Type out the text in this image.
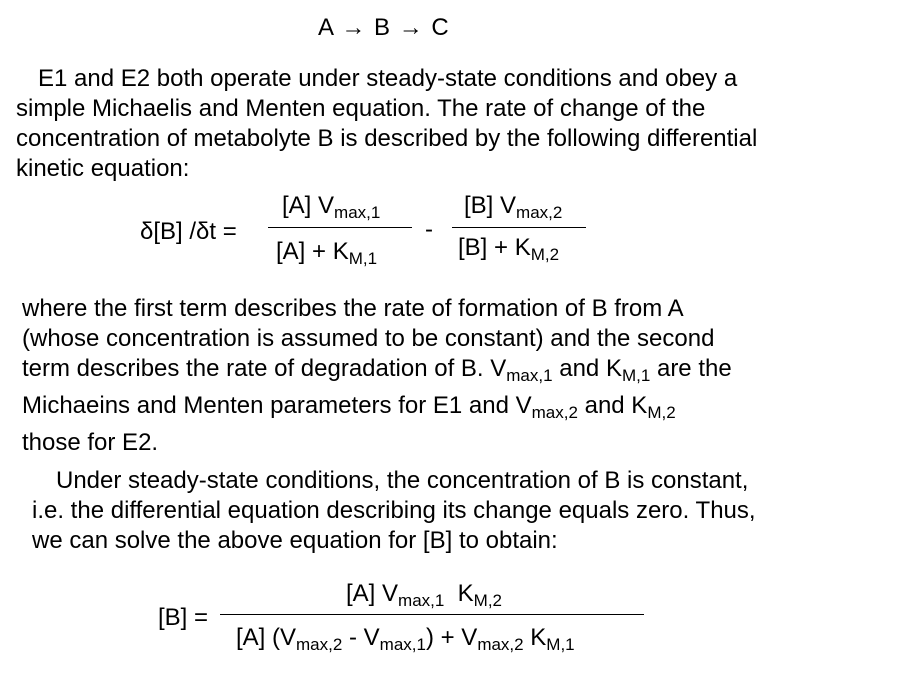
A → B → C
E1 and E2 both operate under steady-state conditions and obey a
simple Michaelis and Menten equation. The rate of change of the
concentration of metabolyte B is described by the following differential
kinetic equation:
δ[B] /δt =
[A] $V_{max,1}$
$[A] + K_{M,1}$
-
[B] $V_{max,2}$
$[B] + K_{M,2}$
where the first term describes the rate of formation of B from A
(whose concentration is assumed to be constant) and the second
term describes the rate of degradation of B. $V_{max,1}$ and $K_{M,1}$ are the
Michaeins and Menten parameters for E1 and $V_{max,2}$ and $K_{M,2}$
those for E2.
Under steady-state conditions, the concentration of B is constant,
i.e. the differential equation describing its change equals zero. Thus,
we can solve the above equation for [B] to obtain:
[B] =
[A] $V_{max,1}$  $K_{M,2}$
[A] $(V_{max,2} - V_{max,1}) + V_{max,2}$ $K_{M,1}$
